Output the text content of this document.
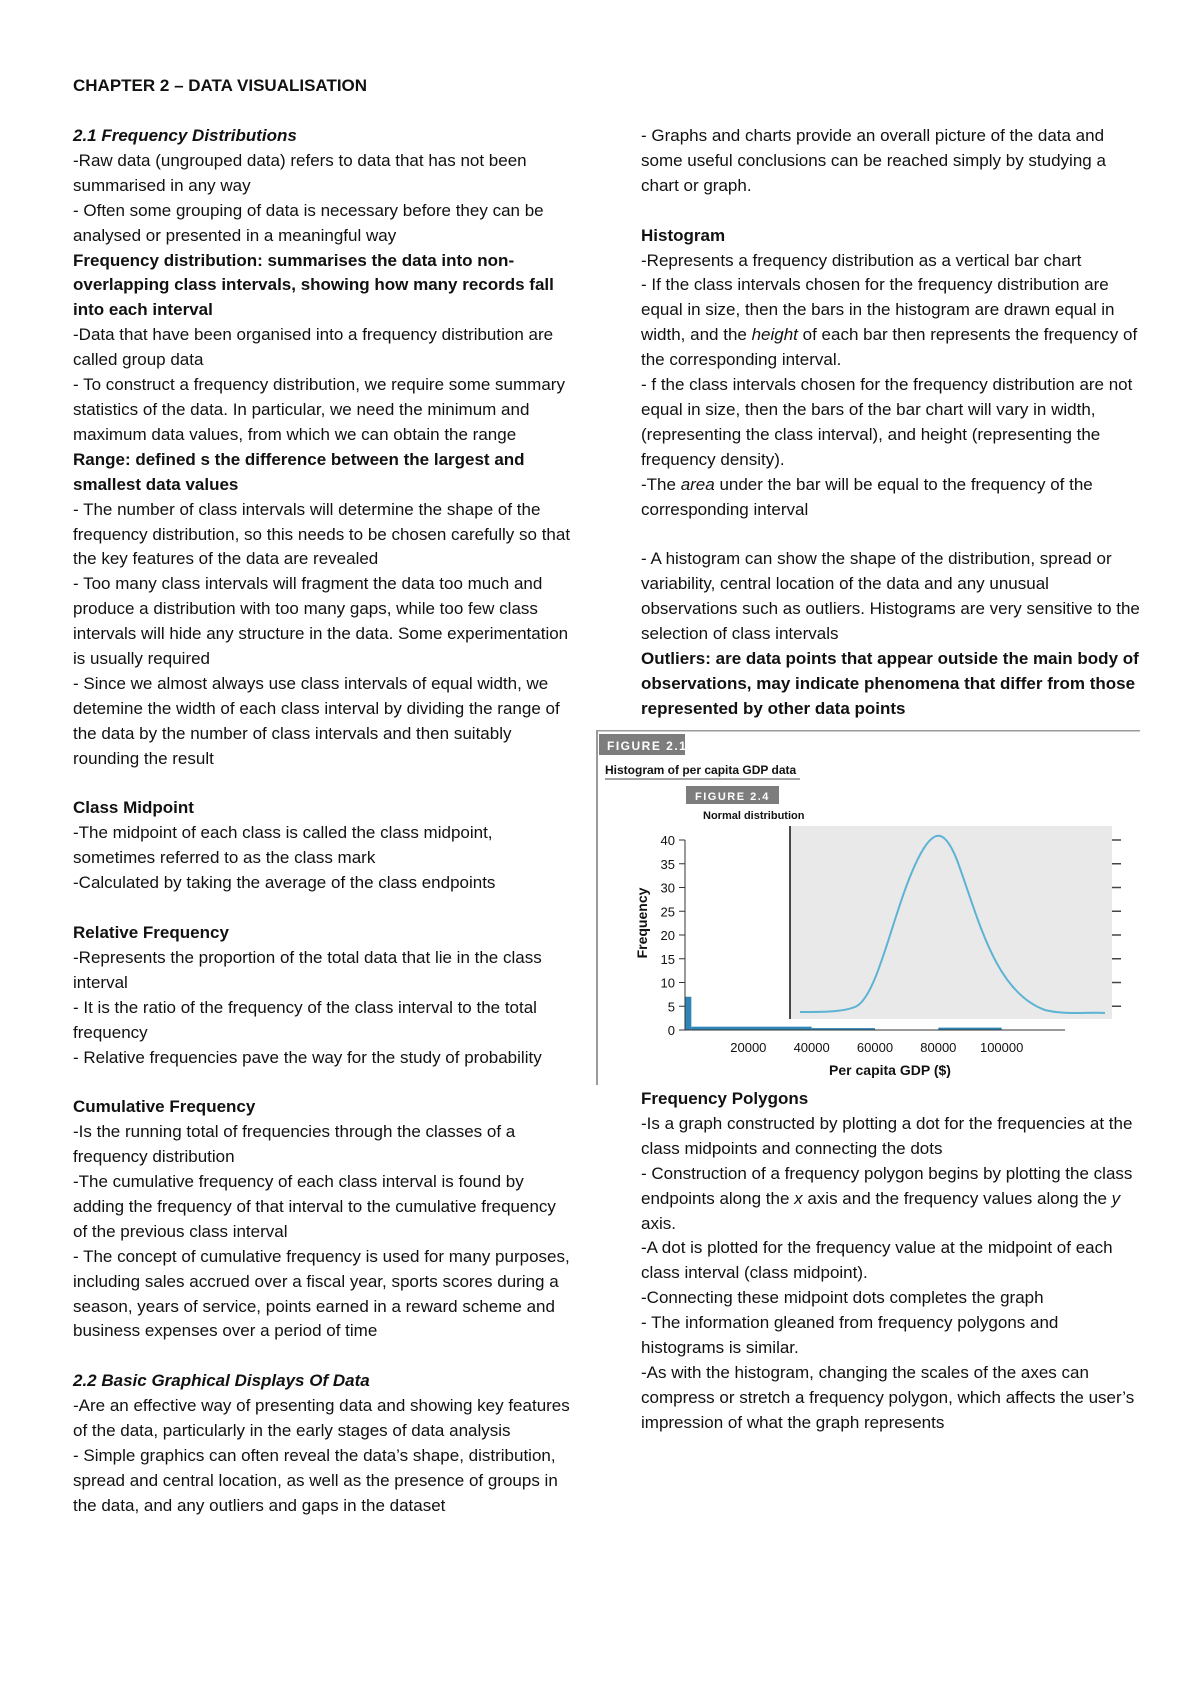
CHAPTER 2 – DATA VISUALISATION

2.1 Frequency Distributions

-Raw data (ungrouped data) refers to data that has not been summarised in any way

- Often some grouping of data is necessary before they can be analysed or presented in a meaningful way

Frequency distribution: summarises the data into non-overlapping class intervals, showing how many records fall into each interval

-Data that have been organised into a frequency distribution are called group data

- To construct a frequency distribution, we require some summary statistics of the data. In particular, we need the minimum and maximum data values, from which we can obtain the range

Range: defined s the difference between the largest and smallest data values

- The number of class intervals will determine the shape of the frequency distribution, so this needs to be chosen carefully so that the key features of the data are revealed

- Too many class intervals will fragment the data too much and produce a distribution with too many gaps, while too few class intervals will hide any structure in the data. Some experimentation is usually required

- Since we almost always use class intervals of equal width, we detemine the width of each class interval by dividing the range of the data by the number of class intervals and then suitably rounding the result

Class Midpoint

-The midpoint of each class is called the class midpoint, sometimes referred to as the class mark

-Calculated by taking the average of the class endpoints

Relative Frequency

-Represents the proportion of the total data that lie in the class interval

- It is the ratio of the frequency of the class interval to the total frequency

- Relative frequencies pave the way for the study of probability

Cumulative Frequency

-Is the running total of frequencies through the classes of a frequency distribution

-The cumulative frequency of each class interval is found by adding the frequency of that interval to the cumulative frequency of the previous class interval

- The concept of cumulative frequency is used for many purposes, including sales accrued over a fiscal year, sports scores during a season, years of service, points earned in a reward scheme and business expenses over a period of time

2.2 Basic Graphical Displays Of Data

-Are an effective way of presenting data and showing key features of the data, particularly in the early stages of data analysis

- Simple graphics can often reveal the data’s shape, distribution, spread and central location, as well as the presence of groups in the data, and any outliers and gaps in the dataset

- Graphs and charts provide an overall picture of the data and some useful conclusions can be reached simply by studying a chart or graph.

Histogram

-Represents a frequency distribution as a vertical bar chart

- If the class intervals chosen for the frequency distribution are equal in size, then the bars in the histogram are drawn equal in width, and the height of each bar then represents the frequency of the corresponding interval.

- f the class intervals chosen for the frequency distribution are not equal in size, then the bars of the bar chart will vary in width, (representing the class interval), and height (representing the frequency density).

-The area under the bar will be equal to the frequency of the corresponding interval

- A histogram can show the shape of the distribution, spread or variability, central location of the data and any unusual observations such as outliers. Histograms are very sensitive to the selection of class intervals

Outliers: are data points that appear outside the main body of observations, may indicate phenomena that differ from those represented by other data points

FIGURE 2.1
Histogram of per capita GDP data
0
5
10
15
20
25
30
35
40
20000 40000 60000 80000 100000
FIGURE 2.4
Normal distribution
Frequency
Per capita GDP ($)

Frequency Polygons

-Is a graph constructed by plotting a dot for the frequencies at the class midpoints and connecting the dots

- Construction of a frequency polygon begins by plotting the class endpoints along the x axis and the frequency values along the y axis.

-A dot is plotted for the frequency value at the midpoint of each class interval (class midpoint).

-Connecting these midpoint dots completes the graph

- The information gleaned from frequency polygons and histograms is similar.

-As with the histogram, changing the scales of the axes can compress or stretch a frequency polygon, which affects the user’s impression of what the graph represents
